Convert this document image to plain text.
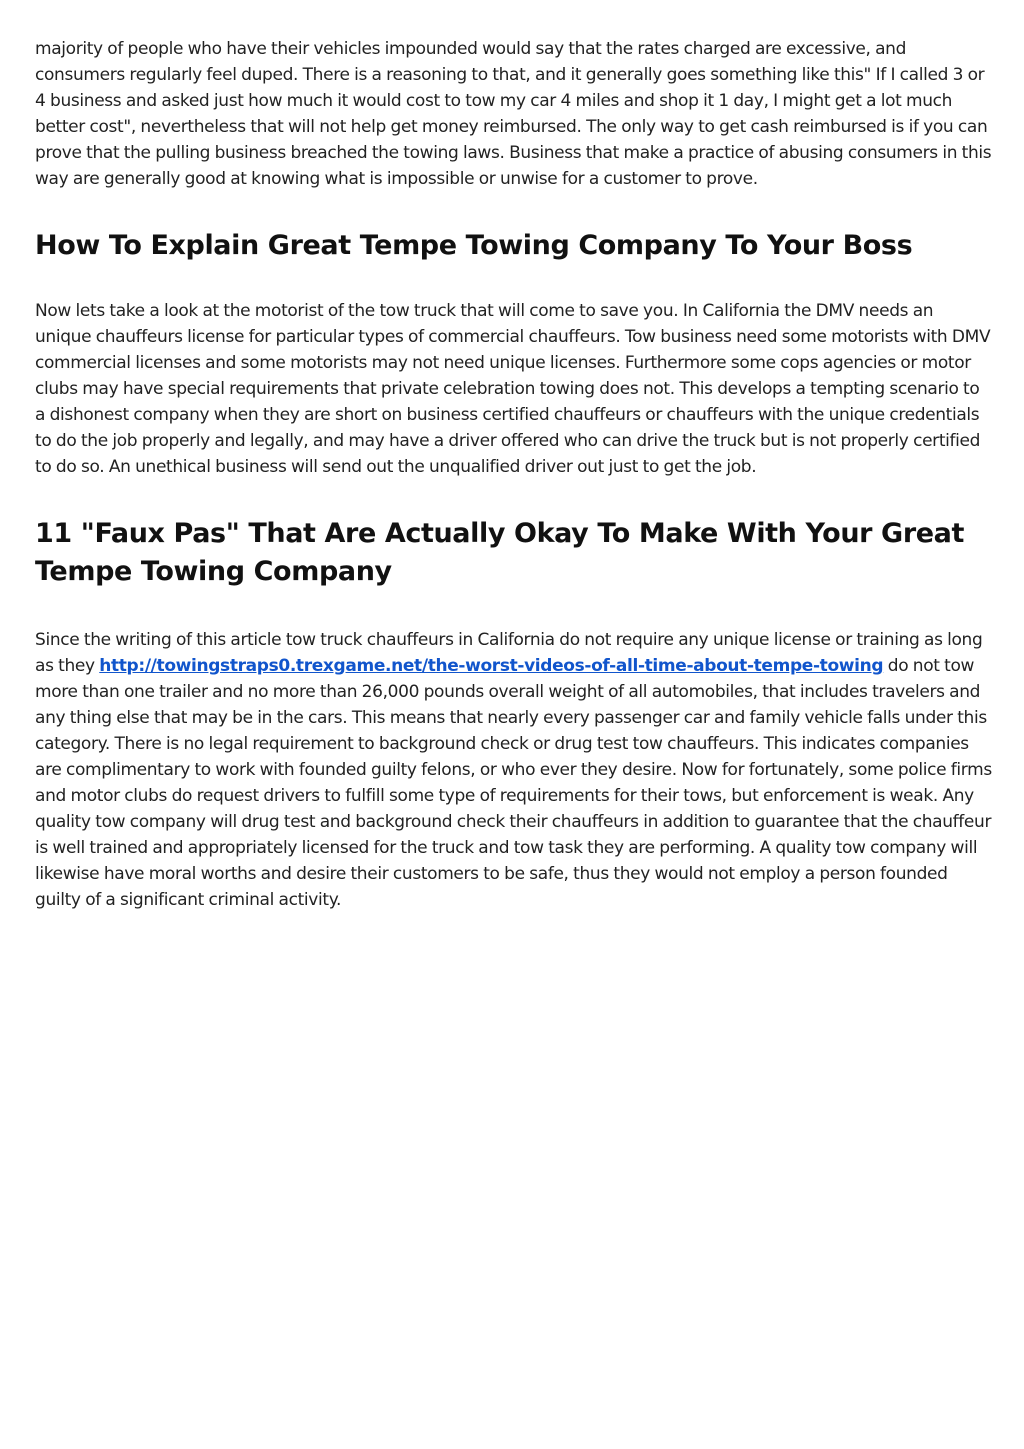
majority of people who have their vehicles impounded would say that the rates charged are excessive, and consumers regularly feel duped. There is a reasoning to that, and it generally goes something like this" If I called 3 or 4 business and asked just how much it would cost to tow my car 4 miles and shop it 1 day, I might get a lot much better cost", nevertheless that will not help get money reimbursed. The only way to get cash reimbursed is if you can prove that the pulling business breached the towing laws. Business that make a practice of abusing consumers in this way are generally good at knowing what is impossible or unwise for a customer to prove.

How To Explain Great Tempe Towing Company To Your Boss

Now lets take a look at the motorist of the tow truck that will come to save you. In California the DMV needs an unique chauffeurs license for particular types of commercial chauffeurs. Tow business need some motorists with DMV commercial licenses and some motorists may not need unique licenses. Furthermore some cops agencies or motor clubs may have special requirements that private celebration towing does not. This develops a tempting scenario to a dishonest company when they are short on business certified chauffeurs or chauffeurs with the unique credentials to do the job properly and legally, and may have a driver offered who can drive the truck but is not properly certified to do so. An unethical business will send out the unqualified driver out just to get the job.

11 "Faux Pas" That Are Actually Okay To Make With Your Great Tempe Towing Company

Since the writing of this article tow truck chauffeurs in California do not require any unique license or training as long as they http://towingstraps0.trexgame.net/the-worst-videos-of-all-time-about-tempe-towing do not tow more than one trailer and no more than 26,000 pounds overall weight of all automobiles, that includes travelers and any thing else that may be in the cars. This means that nearly every passenger car and family vehicle falls under this category. There is no legal requirement to background check or drug test tow chauffeurs. This indicates companies are complimentary to work with founded guilty felons, or who ever they desire. Now for fortunately, some police firms and motor clubs do request drivers to fulfill some type of requirements for their tows, but enforcement is weak. Any quality tow company will drug test and background check their chauffeurs in addition to guarantee that the chauffeur is well trained and appropriately licensed for the truck and tow task they are performing. A quality tow company will likewise have moral worths and desire their customers to be safe, thus they would not employ a person founded guilty of a significant criminal activity.
